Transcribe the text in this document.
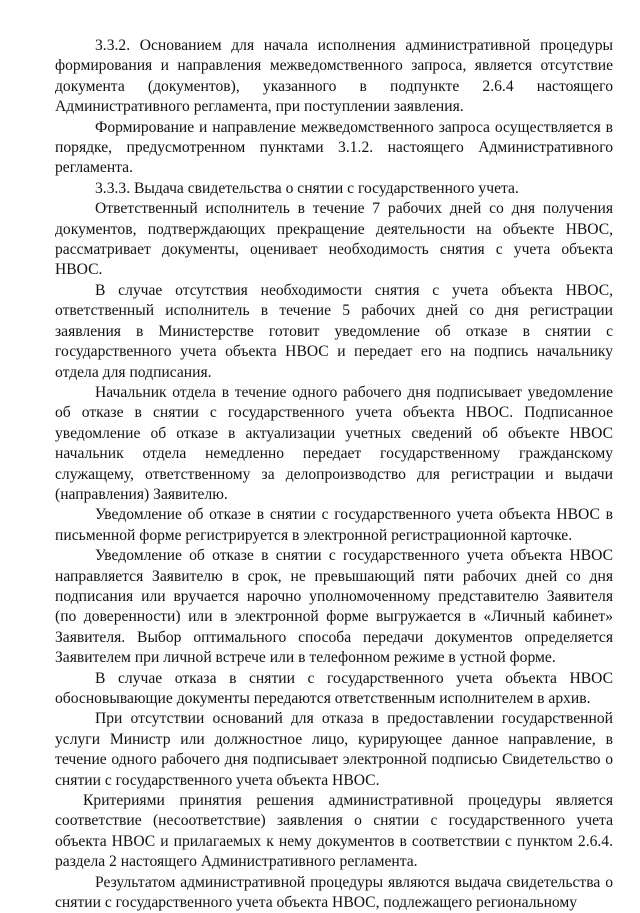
3.3.2. Основанием для начала исполнения административной процедуры формирования и направления межведомственного запроса, является отсутствие документа (документов), указанного в подпункте 2.6.4 настоящего Административного регламента, при поступлении заявления.

Формирование и направление межведомственного запроса осуществляется в порядке, предусмотренном пунктами 3.1.2. настоящего Административного регламента.

3.3.3. Выдача свидетельства о снятии с государственного учета.

Ответственный исполнитель в течение 7 рабочих дней со дня получения документов, подтверждающих прекращение деятельности на объекте НВОС, рассматривает документы, оценивает необходимость снятия с учета объекта НВОС.

В случае отсутствия необходимости снятия с учета объекта НВОС, ответственный исполнитель в течение 5 рабочих дней со дня регистрации заявления в Министерстве готовит уведомление об отказе в снятии с государственного учета объекта НВОС и передает его на подпись начальнику отдела для подписания.

Начальник отдела в течение одного рабочего дня подписывает уведомление об отказе в снятии с государственного учета объекта НВОС. Подписанное уведомление об отказе в актуализации учетных сведений об объекте НВОС начальник отдела немедленно передает государственному гражданскому служащему, ответственному за делопроизводство для регистрации и выдачи (направления) Заявителю.

Уведомление об отказе в снятии с государственного учета объекта НВОС в письменной форме регистрируется в электронной регистрационной карточке.

Уведомление об отказе в снятии с государственного учета объекта НВОС направляется Заявителю в срок, не превышающий пяти рабочих дней со дня подписания или вручается нарочно уполномоченному представителю Заявителя (по доверенности) или в электронной форме выгружается в «Личный кабинет» Заявителя. Выбор оптимального способа передачи документов определяется Заявителем при личной встрече или в телефонном режиме в устной форме.

В случае отказа в снятии с государственного учета объекта НВОС обосновывающие документы передаются ответственным исполнителем в архив.

При отсутствии оснований для отказа в предоставлении государственной услуги Министр или должностное лицо, курирующее данное направление, в течение одного рабочего дня подписывает электронной подписью Свидетельство о снятии с государственного учета объекта НВОС.

Критериями принятия решения административной процедуры является соответствие (несоответствие) заявления о снятии с государственного учета объекта НВОС и прилагаемых к нему документов в соответствии с пунктом 2.6.4. раздела 2 настоящего Административного регламента.

Результатом административной процедуры являются выдача свидетельства о снятии с государственного учета объекта НВОС, подлежащего региональному
